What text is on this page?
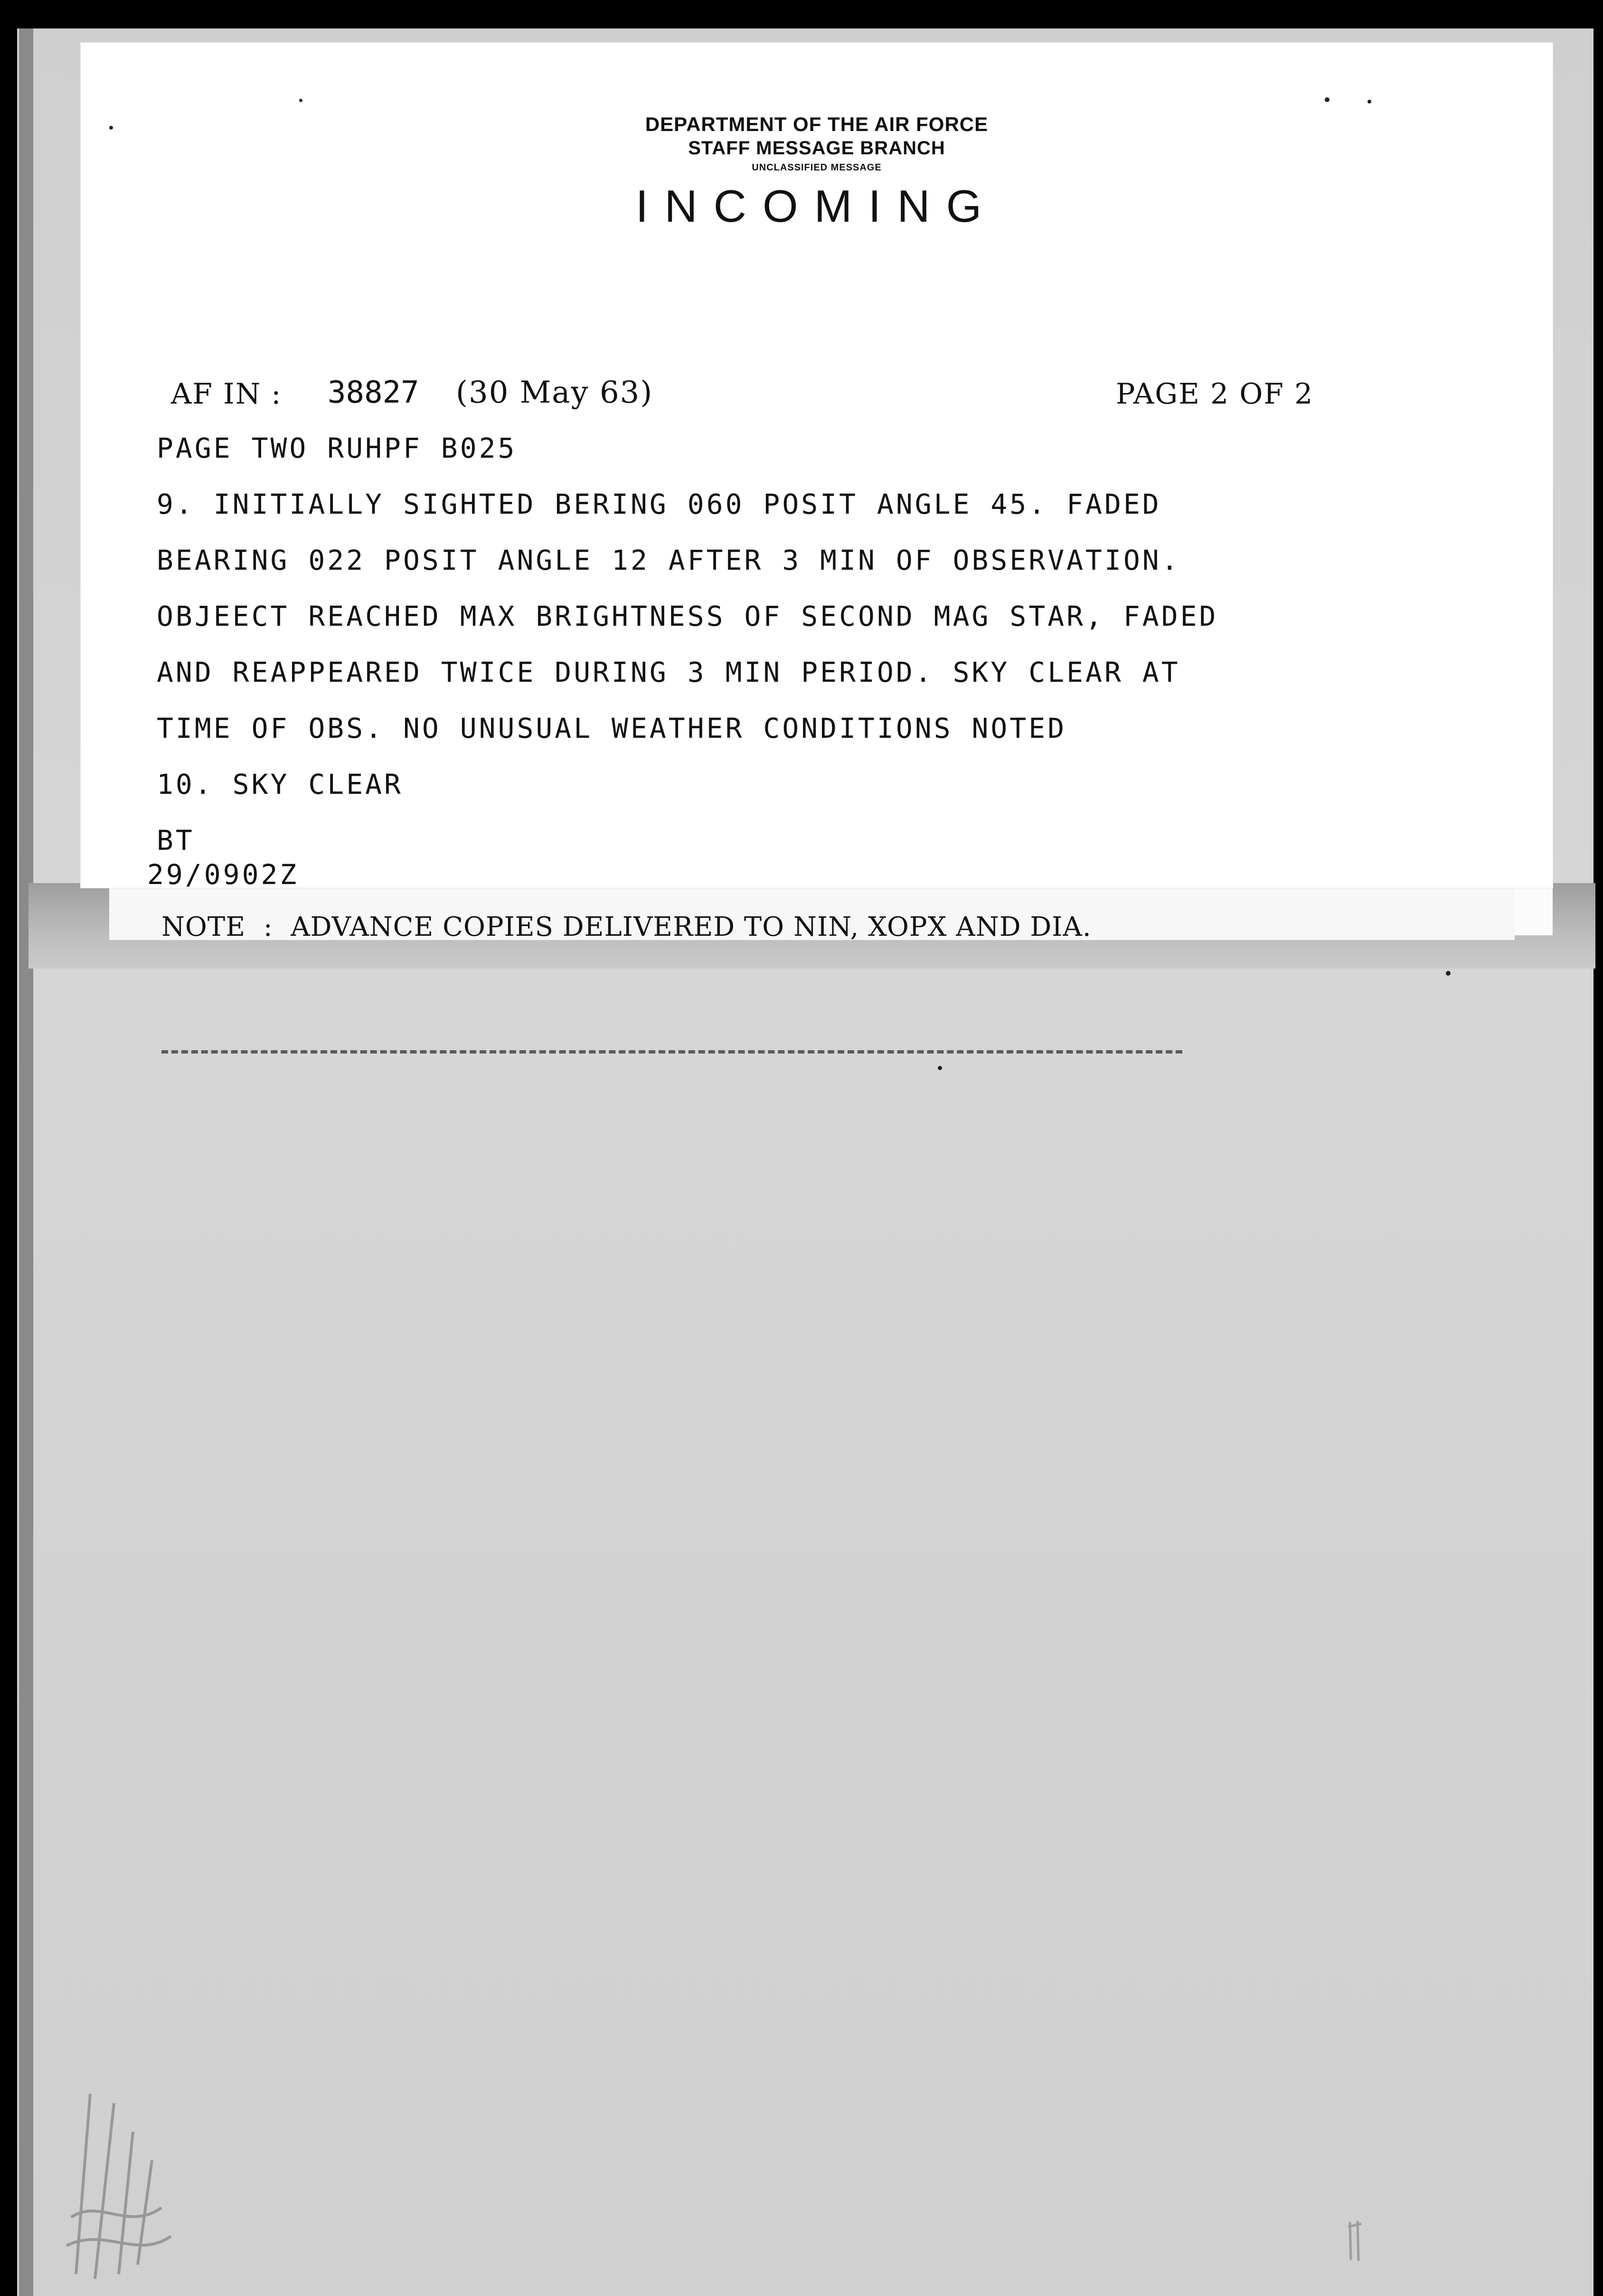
DEPARTMENT OF THE AIR FORCE
STAFF MESSAGE BRANCH
UNCLASSIFIED MESSAGE
INCOMING
AF IN : 38827 (30 May 63)	PAGE 2 OF 2
PAGE TWO RUHPF B025
9. INITIALLY SIGHTED BERING 060 POSIT ANGLE 45. FADED
BEARING 022 POSIT ANGLE 12 AFTER 3 MIN OF OBSERVATION.
OBJEECT REACHED MAX BRIGHTNESS OF SECOND MAG STAR, FADED
AND REAPPEARED TWICE DURING 3 MIN PERIOD. SKY CLEAR AT
TIME OF OBS. NO UNUSUAL WEATHER CONDITIONS NOTED
10. SKY CLEAR
BT
29/0902Z
NOTE  :  ADVANCE COPIES DELIVERED TO NIN, XOPX AND DIA.
